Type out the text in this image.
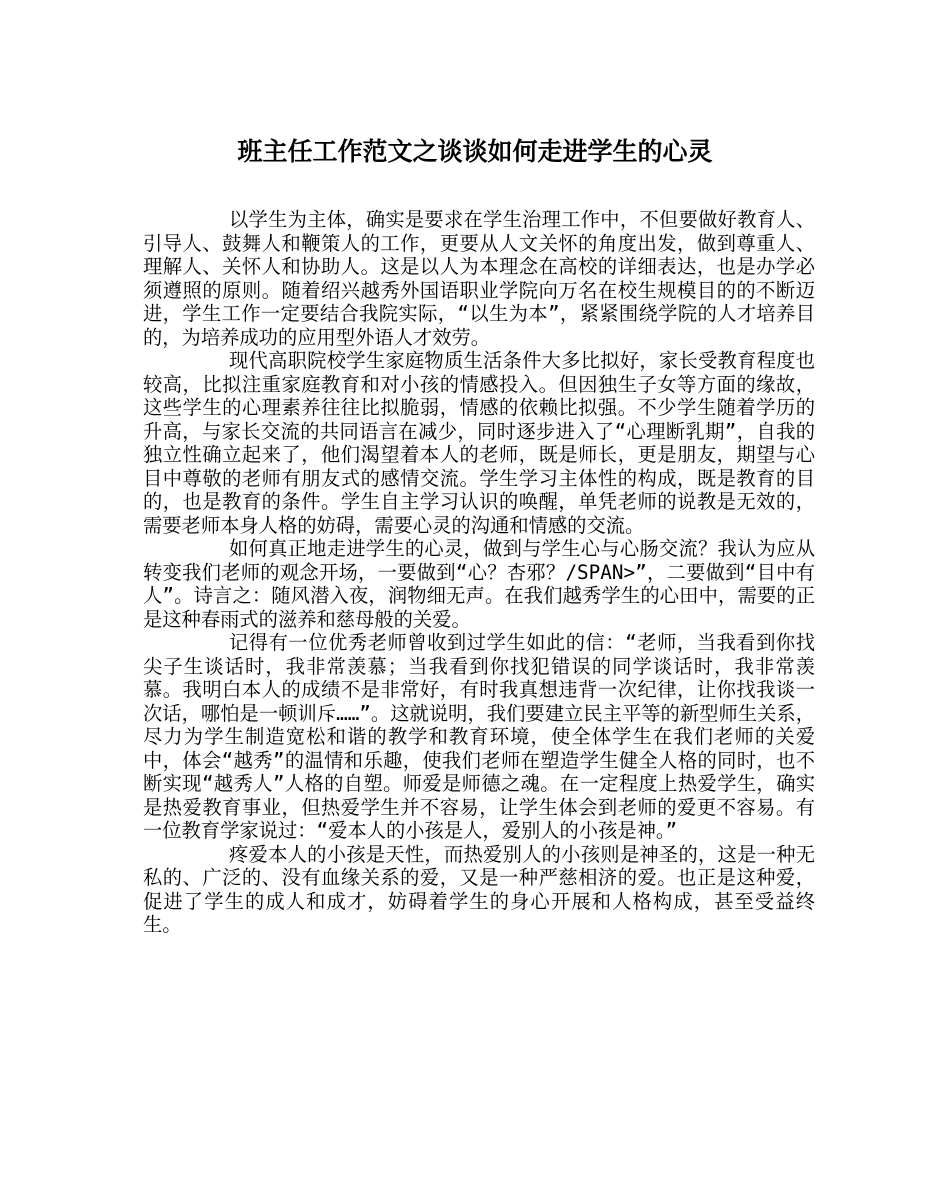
班主任工作范文之谈谈如何走进学生的心灵

以学生为主体，确实是要求在学生治理工作中，不但要做好教育人、引导人、鼓舞人和鞭策人的工作，更要从人文关怀的角度出发，做到尊重人、理解人、关怀人和协助人。这是以人为本理念在高校的详细表达，也是办学必须遵照的原则。随着绍兴越秀外国语职业学院向万名在校生规模目的的不断迈进，学生工作一定要结合我院实际，“以生为本”，紧紧围绕学院的人才培养目的，为培养成功的应用型外语人才效劳。

现代高职院校学生家庭物质生活条件大多比拟好，家长受教育程度也较高，比拟注重家庭教育和对小孩的情感投入。但因独生子女等方面的缘故，这些学生的心理素养往往比拟脆弱，情感的依赖比拟强。不少学生随着学历的升高，与家长交流的共同语言在减少，同时逐步进入了“心理断乳期”，自我的独立性确立起来了，他们渴望着本人的老师，既是师长，更是朋友，期望与心目中尊敬的老师有朋友式的感情交流。学生学习主体性的构成，既是教育的目的，也是教育的条件。学生自主学习认识的唤醒，单凭老师的说教是无效的，需要老师本身人格的妨碍，需要心灵的沟通和情感的交流。

如何真正地走进学生的心灵，做到与学生心与心肠交流？我认为应从转变我们老师的观念开场，一要做到“心？杏邪？/SPAN>”，二要做到“目中有人”。诗言之：随风潜入夜，润物细无声。在我们越秀学生的心田中，需要的正是这种春雨式的滋养和慈母般的关爱。

记得有一位优秀老师曾收到过学生如此的信：“老师，当我看到你找尖子生谈话时，我非常羡慕；当我看到你找犯错误的同学谈话时，我非常羡慕。我明白本人的成绩不是非常好，有时我真想违背一次纪律，让你找我谈一次话，哪怕是一顿训斥……”。这就说明，我们要建立民主平等的新型师生关系，尽力为学生制造宽松和谐的教学和教育环境，使全体学生在我们老师的关爱中，体会“越秀”的温情和乐趣，使我们老师在塑造学生健全人格的同时，也不断实现“越秀人”人格的自塑。师爱是师德之魂。在一定程度上热爱学生，确实是热爱教育事业，但热爱学生并不容易，让学生体会到老师的爱更不容易。有一位教育学家说过：“爱本人的小孩是人，爱别人的小孩是神。”

疼爱本人的小孩是天性，而热爱别人的小孩则是神圣的，这是一种无私的、广泛的、没有血缘关系的爱，又是一种严慈相济的爱。也正是这种爱，促进了学生的成人和成才，妨碍着学生的身心开展和人格构成，甚至受益终生。
